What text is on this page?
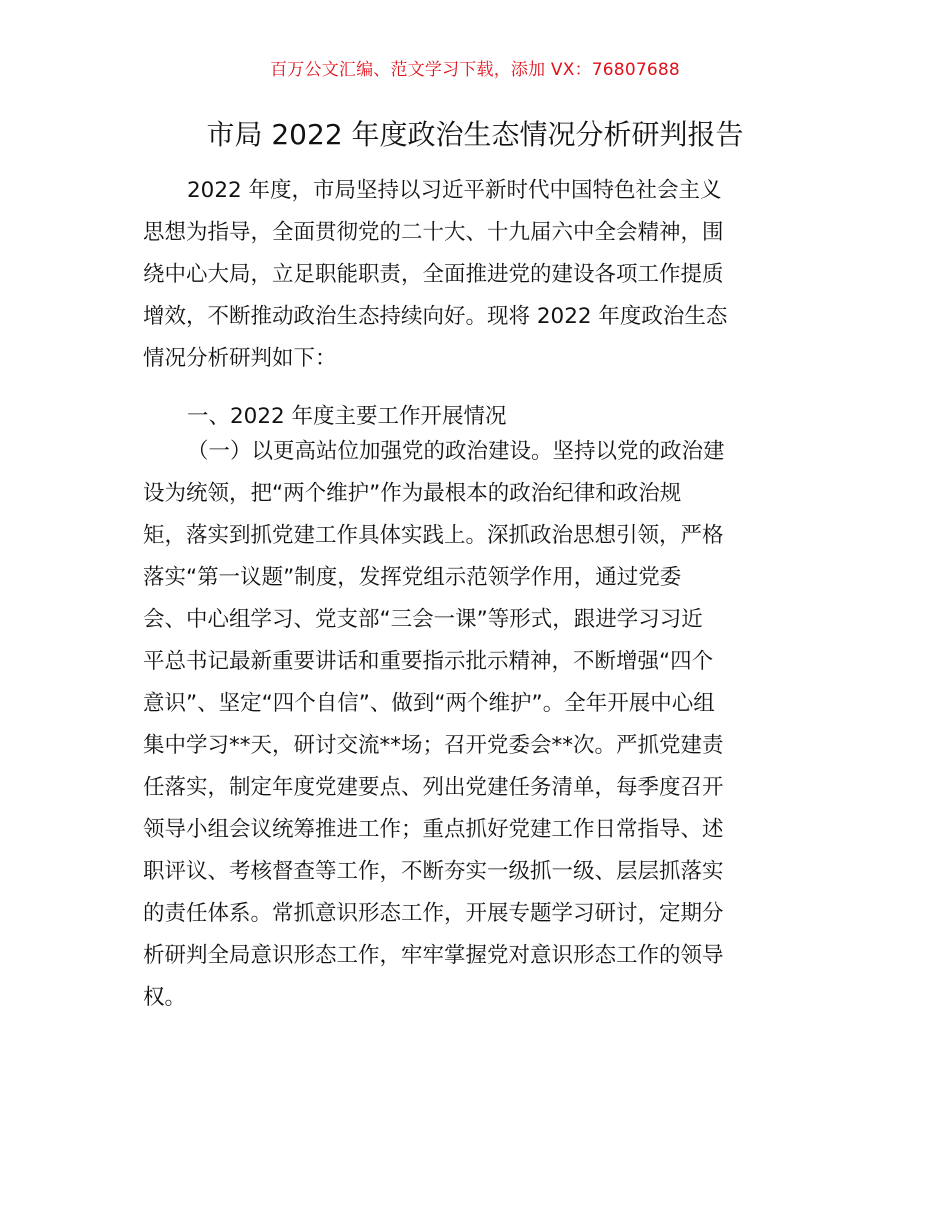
百万公文汇编、范文学习下载，添加 VX：76807688
市局 2022 年度政治生态情况分析研判报告
2022 年度，市局坚持以习近平新时代中国特色社会主义
思想为指导，全面贯彻党的二十大、十九届六中全会精神，围
绕中心大局，立足职能职责，全面推进党的建设各项工作提质
增效，不断推动政治生态持续向好。现将 2022 年度政治生态
情况分析研判如下：
一、2022 年度主要工作开展情况
（一）以更高站位加强党的政治建设。坚持以党的政治建
设为统领，把“两个维护”作为最根本的政治纪律和政治规
矩，落实到抓党建工作具体实践上。深抓政治思想引领，严格
落实“第一议题”制度，发挥党组示范领学作用，通过党委
会、中心组学习、党支部“三会一课”等形式，跟进学习习近
平总书记最新重要讲话和重要指示批示精神，不断增强“四个
意识”、坚定“四个自信”、做到“两个维护”。全年开展中心组
集中学习**天，研讨交流**场；召开党委会**次。严抓党建责
任落实，制定年度党建要点、列出党建任务清单，每季度召开
领导小组会议统筹推进工作；重点抓好党建工作日常指导、述
职评议、考核督查等工作，不断夯实一级抓一级、层层抓落实
的责任体系。常抓意识形态工作，开展专题学习研讨，定期分
析研判全局意识形态工作，牢牢掌握党对意识形态工作的领导
权。
